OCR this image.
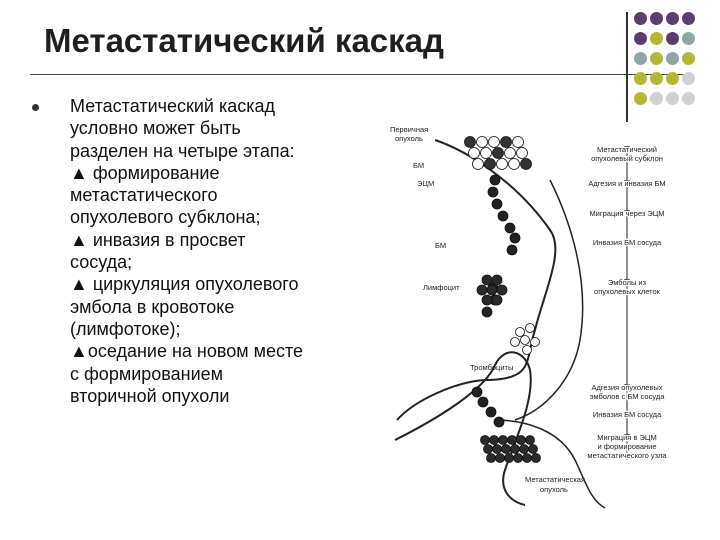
Метастатический каскад
Метастатический каскад
условно может быть
разделен на четыре этапа:
▲ формирование
метастатического
опухолевого субклона;
▲ инвазия в просвет
сосуда;
▲ циркуляция опухолевого
эмбола в кровотоке
(лимфотоке);
▲оседание на новом месте
с формированием
вторичной опухоли
Первичная
опухоль
БМ
ЭЦМ
БМ
Лимфоцит
Тромбоциты
Метастатическая
опухоль
Метастатический
опухолевый субклон
Адгезия и инвазия БМ
Миграция через ЭЦМ
Инвазия БМ сосуда
Эмболы из
опухолевых клеток
Адгезия опухолевых
эмболов с БМ сосуда
Инвазия БМ сосуда
Миграция в ЭЦМ
и формирование
метастатического узла
